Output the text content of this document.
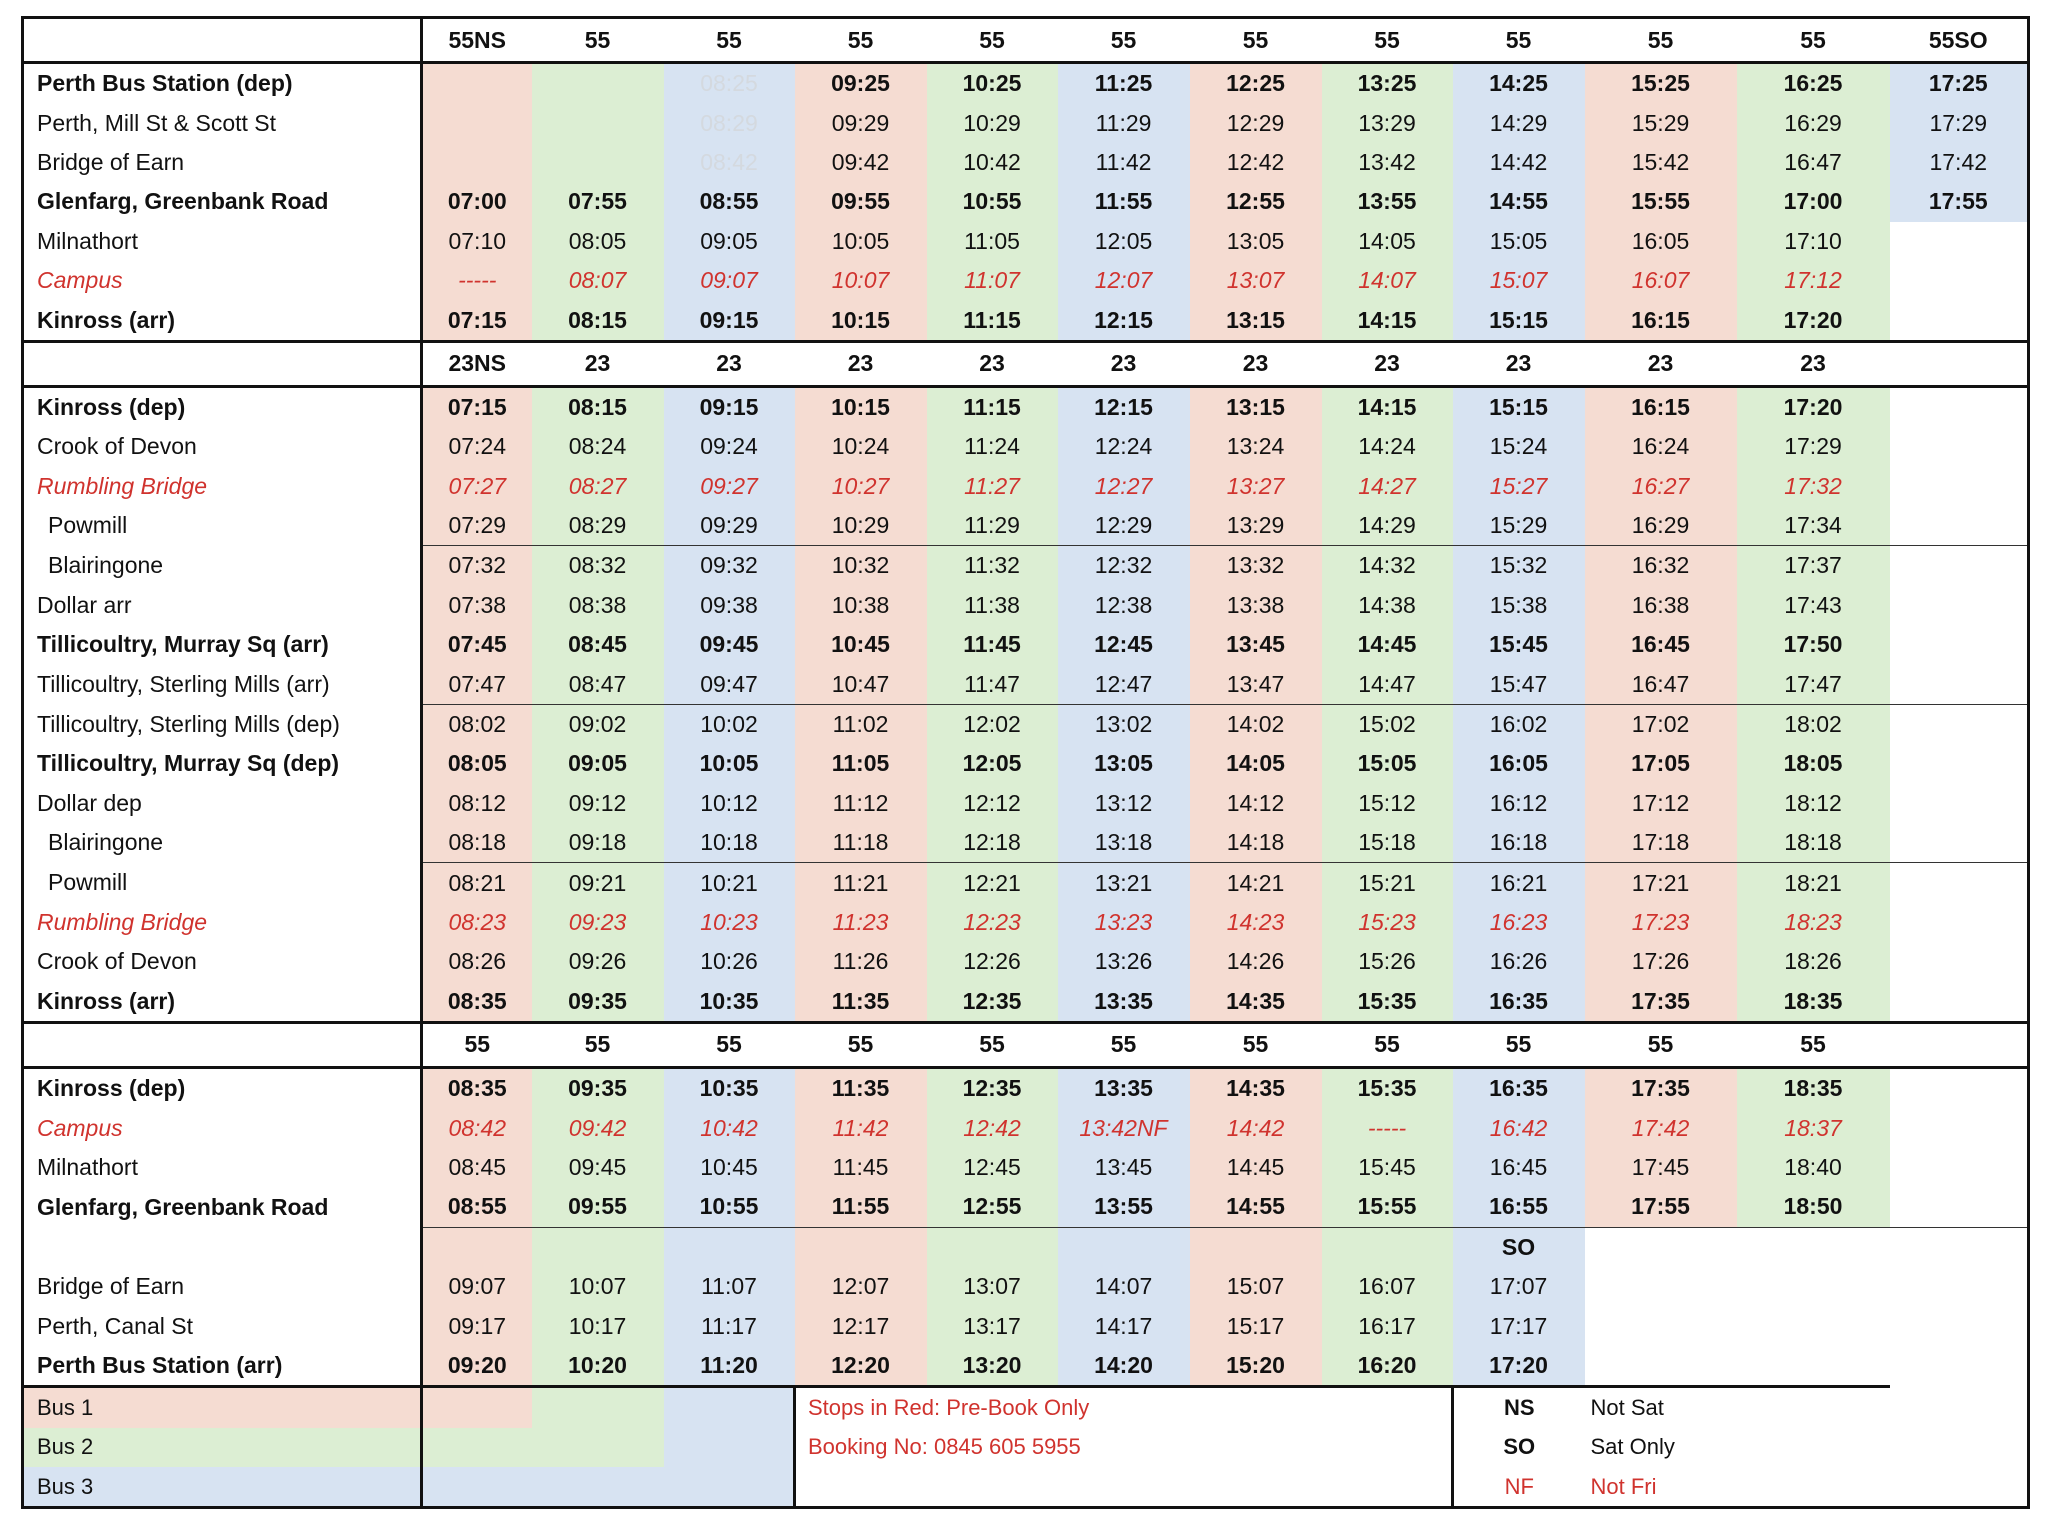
	55NS	55	55	55	55	55	55	55	55	55	55	55SO
Perth Bus Station (dep)			08:25	09:25	10:25	11:25	12:25	13:25	14:25	15:25	16:25	17:25
Perth, Mill St & Scott St			08:29	09:29	10:29	11:29	12:29	13:29	14:29	15:29	16:29	17:29
Bridge of Earn			08:42	09:42	10:42	11:42	12:42	13:42	14:42	15:42	16:47	17:42
Glenfarg, Greenbank Road	07:00	07:55	08:55	09:55	10:55	11:55	12:55	13:55	14:55	15:55	17:00	17:55
Milnathort	07:10	08:05	09:05	10:05	11:05	12:05	13:05	14:05	15:05	16:05	17:10	
Campus	-----	08:07	09:07	10:07	11:07	12:07	13:07	14:07	15:07	16:07	17:12	
Kinross (arr)	07:15	08:15	09:15	10:15	11:15	12:15	13:15	14:15	15:15	16:15	17:20	
	23NS	23	23	23	23	23	23	23	23	23	23	
Kinross (dep)	07:15	08:15	09:15	10:15	11:15	12:15	13:15	14:15	15:15	16:15	17:20	
Crook of Devon	07:24	08:24	09:24	10:24	11:24	12:24	13:24	14:24	15:24	16:24	17:29	
Rumbling Bridge	07:27	08:27	09:27	10:27	11:27	12:27	13:27	14:27	15:27	16:27	17:32	
Powmill	07:29	08:29	09:29	10:29	11:29	12:29	13:29	14:29	15:29	16:29	17:34	
Blairingone	07:32	08:32	09:32	10:32	11:32	12:32	13:32	14:32	15:32	16:32	17:37	
Dollar arr	07:38	08:38	09:38	10:38	11:38	12:38	13:38	14:38	15:38	16:38	17:43	
Tillicoultry, Murray Sq (arr)	07:45	08:45	09:45	10:45	11:45	12:45	13:45	14:45	15:45	16:45	17:50	
Tillicoultry, Sterling Mills (arr)	07:47	08:47	09:47	10:47	11:47	12:47	13:47	14:47	15:47	16:47	17:47	
Tillicoultry, Sterling Mills (dep)	08:02	09:02	10:02	11:02	12:02	13:02	14:02	15:02	16:02	17:02	18:02	
Tillicoultry, Murray Sq (dep)	08:05	09:05	10:05	11:05	12:05	13:05	14:05	15:05	16:05	17:05	18:05	
Dollar dep	08:12	09:12	10:12	11:12	12:12	13:12	14:12	15:12	16:12	17:12	18:12	
Blairingone	08:18	09:18	10:18	11:18	12:18	13:18	14:18	15:18	16:18	17:18	18:18	
Powmill	08:21	09:21	10:21	11:21	12:21	13:21	14:21	15:21	16:21	17:21	18:21	
Rumbling Bridge	08:23	09:23	10:23	11:23	12:23	13:23	14:23	15:23	16:23	17:23	18:23	
Crook of Devon	08:26	09:26	10:26	11:26	12:26	13:26	14:26	15:26	16:26	17:26	18:26	
Kinross (arr)	08:35	09:35	10:35	11:35	12:35	13:35	14:35	15:35	16:35	17:35	18:35	
	55	55	55	55	55	55	55	55	55	55	55	
Kinross (dep)	08:35	09:35	10:35	11:35	12:35	13:35	14:35	15:35	16:35	17:35	18:35	
Campus	08:42	09:42	10:42	11:42	12:42	13:42NF	14:42	-----	16:42	17:42	18:37	
Milnathort	08:45	09:45	10:45	11:45	12:45	13:45	14:45	15:45	16:45	17:45	18:40	
Glenfarg, Greenbank Road	08:55	09:55	10:55	11:55	12:55	13:55	14:55	15:55	16:55	17:55	18:50	
									SO			
Bridge of Earn	09:07	10:07	11:07	12:07	13:07	14:07	15:07	16:07	17:07			
Perth, Canal St	09:17	10:17	11:17	12:17	13:17	14:17	15:17	16:17	17:17			
Perth Bus Station (arr)	09:20	10:20	11:20	12:20	13:20	14:20	15:20	16:20	17:20			
Bus 1				Stops in Red: Pre-Book Only					NS	Not Sat		
Bus 2				Booking No: 0845 605 5955					SO	Sat Only		
Bus 3									NF	Not Fri		
